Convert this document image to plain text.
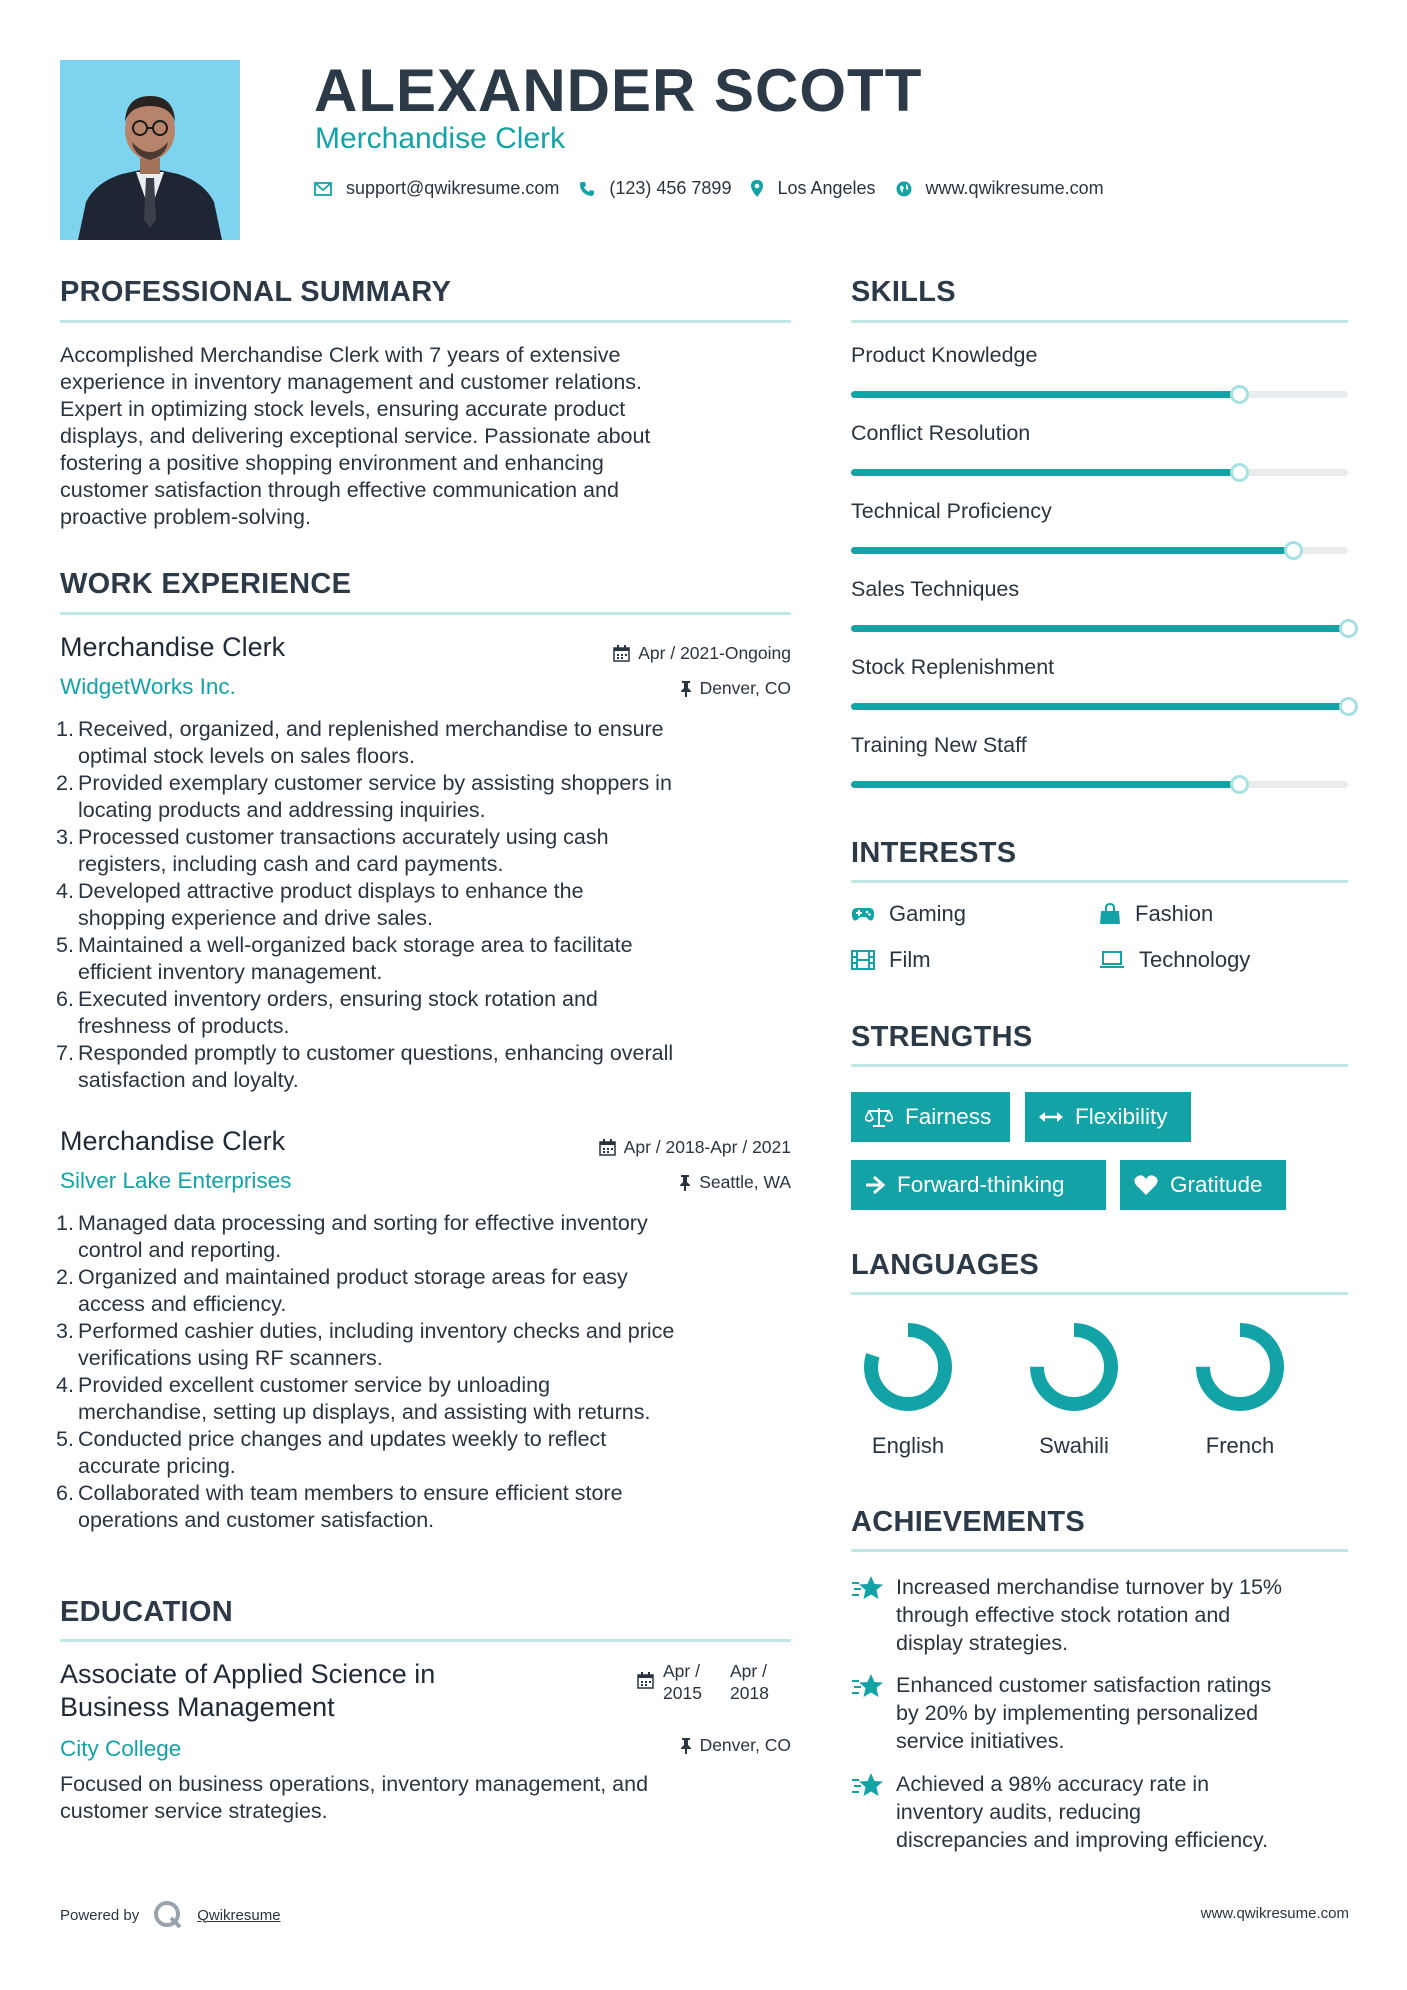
ALEXANDER SCOTT
Merchandise Clerk
support@qwikresume.com	(123) 456 7899	Los Angeles	www.qwikresume.com
PROFESSIONAL SUMMARY
Accomplished Merchandise Clerk with 7 years of extensive
experience in inventory management and customer relations.
Expert in optimizing stock levels, ensuring accurate product
displays, and delivering exceptional service. Passionate about
fostering a positive shopping environment and enhancing
customer satisfaction through effective communication and
proactive problem-solving.
WORK EXPERIENCE
Merchandise Clerk
WidgetWorks Inc.
Apr / 2021-Ongoing
Denver, CO
1. Received, organized, and replenished merchandise to ensure
optimal stock levels on sales floors.
2. Provided exemplary customer service by assisting shoppers in
locating products and addressing inquiries.
3. Processed customer transactions accurately using cash
registers, including cash and card payments.
4. Developed attractive product displays to enhance the
shopping experience and drive sales.
5. Maintained a well-organized back storage area to facilitate
efficient inventory management.
6. Executed inventory orders, ensuring stock rotation and
freshness of products.
7. Responded promptly to customer questions, enhancing overall
satisfaction and loyalty.
Merchandise Clerk
Silver Lake Enterprises
Apr / 2018-Apr / 2021
Seattle, WA
1. Managed data processing and sorting for effective inventory
control and reporting.
2. Organized and maintained product storage areas for easy
access and efficiency.
3. Performed cashier duties, including inventory checks and price
verifications using RF scanners.
4. Provided excellent customer service by unloading
merchandise, setting up displays, and assisting with returns.
5. Conducted price changes and updates weekly to reflect
accurate pricing.
6. Collaborated with team members to ensure efficient store
operations and customer satisfaction.
EDUCATION
Associate of Applied Science in
Business Management
Apr /
2015
Apr /
2018
City College	Denver, CO
Focused on business operations, inventory management, and
customer service strategies.
SKILLS
Product Knowledge
Conflict Resolution
Technical Proficiency
Sales Techniques
Stock Replenishment
Training New Staff
INTERESTS
Gaming	Fashion
Film	Technology
STRENGTHS
Fairness	Flexibility
Forward-thinking	Gratitude
LANGUAGES
English	Swahili	French
ACHIEVEMENTS
Increased merchandise turnover by 15%
through effective stock rotation and
display strategies.
Enhanced customer satisfaction ratings
by 20% by implementing personalized
service initiatives.
Achieved a 98% accuracy rate in
inventory audits, reducing
discrepancies and improving efficiency.
Powered by	Qwikresume	www.qwikresume.com
